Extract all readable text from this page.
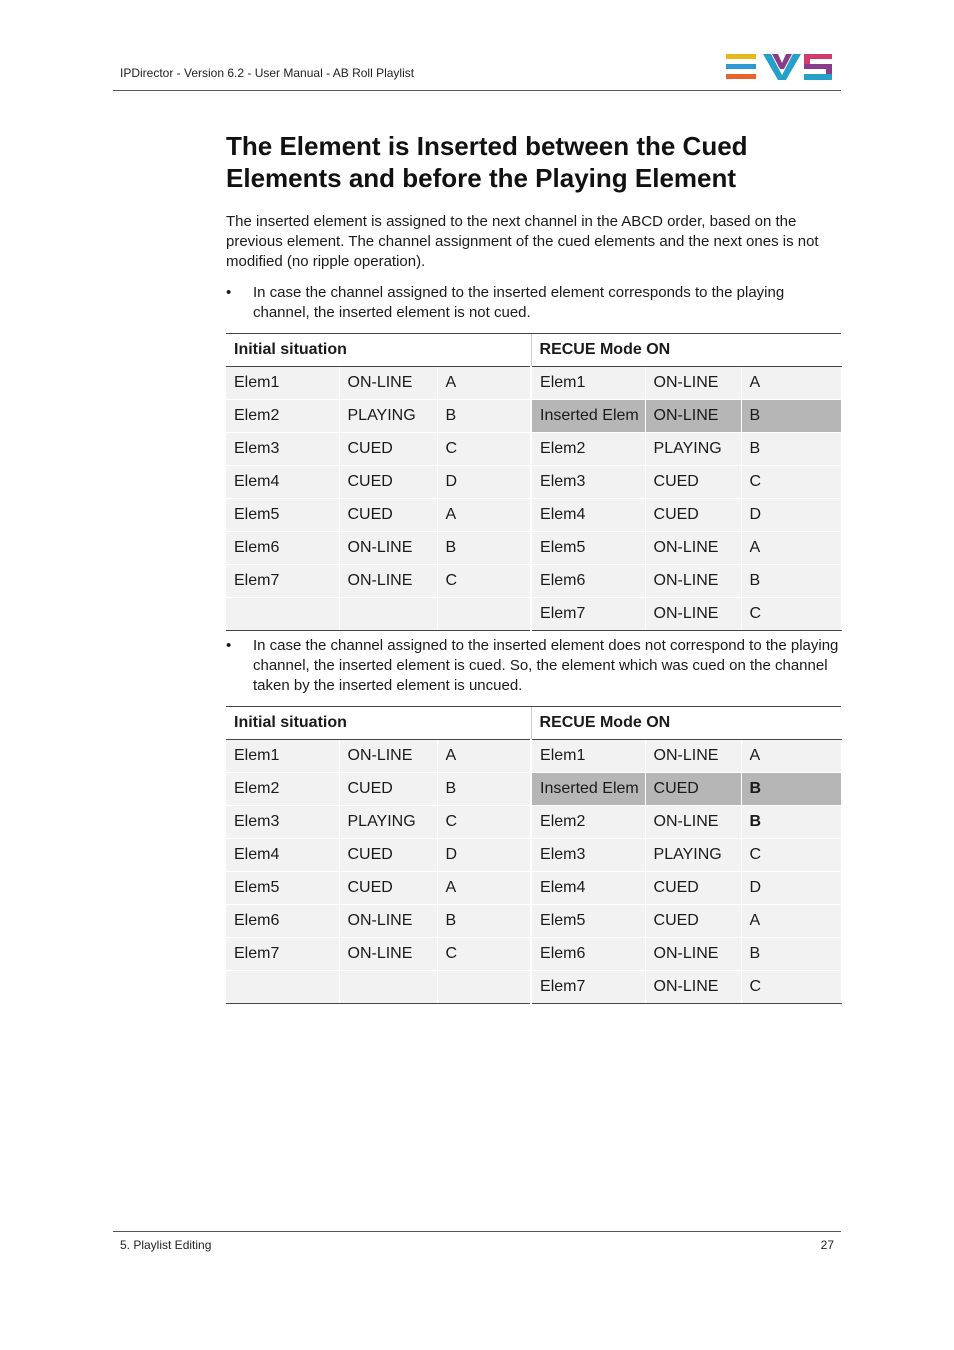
IPDirector - Version 6.2 - User Manual - AB Roll Playlist
The Element is Inserted between the Cued Elements and before the Playing Element

The inserted element is assigned to the next channel in the ABCD order, based on the previous element. The channel assignment of the cued elements and the next ones is not modified (no ripple operation).

• In case the channel assigned to the inserted element corresponds to the playing channel, the inserted element is not cued.
Initial situation			RECUE Mode ON		
Elem1	ON-LINE	A	Elem1	ON-LINE	A
Elem2	PLAYING	B	Inserted Elem	ON-LINE	B
Elem3	CUED	C	Elem2	PLAYING	B
Elem4	CUED	D	Elem3	CUED	C
Elem5	CUED	A	Elem4	CUED	D
Elem6	ON-LINE	B	Elem5	ON-LINE	A
Elem7	ON-LINE	C	Elem6	ON-LINE	B
			Elem7	ON-LINE	C
• In case the channel assigned to the inserted element does not correspond to the playing channel, the inserted element is cued. So, the element which was cued on the channel taken by the inserted element is uncued.
Initial situation			RECUE Mode ON		
Elem1	ON-LINE	A	Elem1	ON-LINE	A
Elem2	CUED	B	Inserted Elem	CUED	B
Elem3	PLAYING	C	Elem2	ON-LINE	B
Elem4	CUED	D	Elem3	PLAYING	C
Elem5	CUED	A	Elem4	CUED	D
Elem6	ON-LINE	B	Elem5	CUED	A
Elem7	ON-LINE	C	Elem6	ON-LINE	B
			Elem7	ON-LINE	C
5. Playlist Editing	27
